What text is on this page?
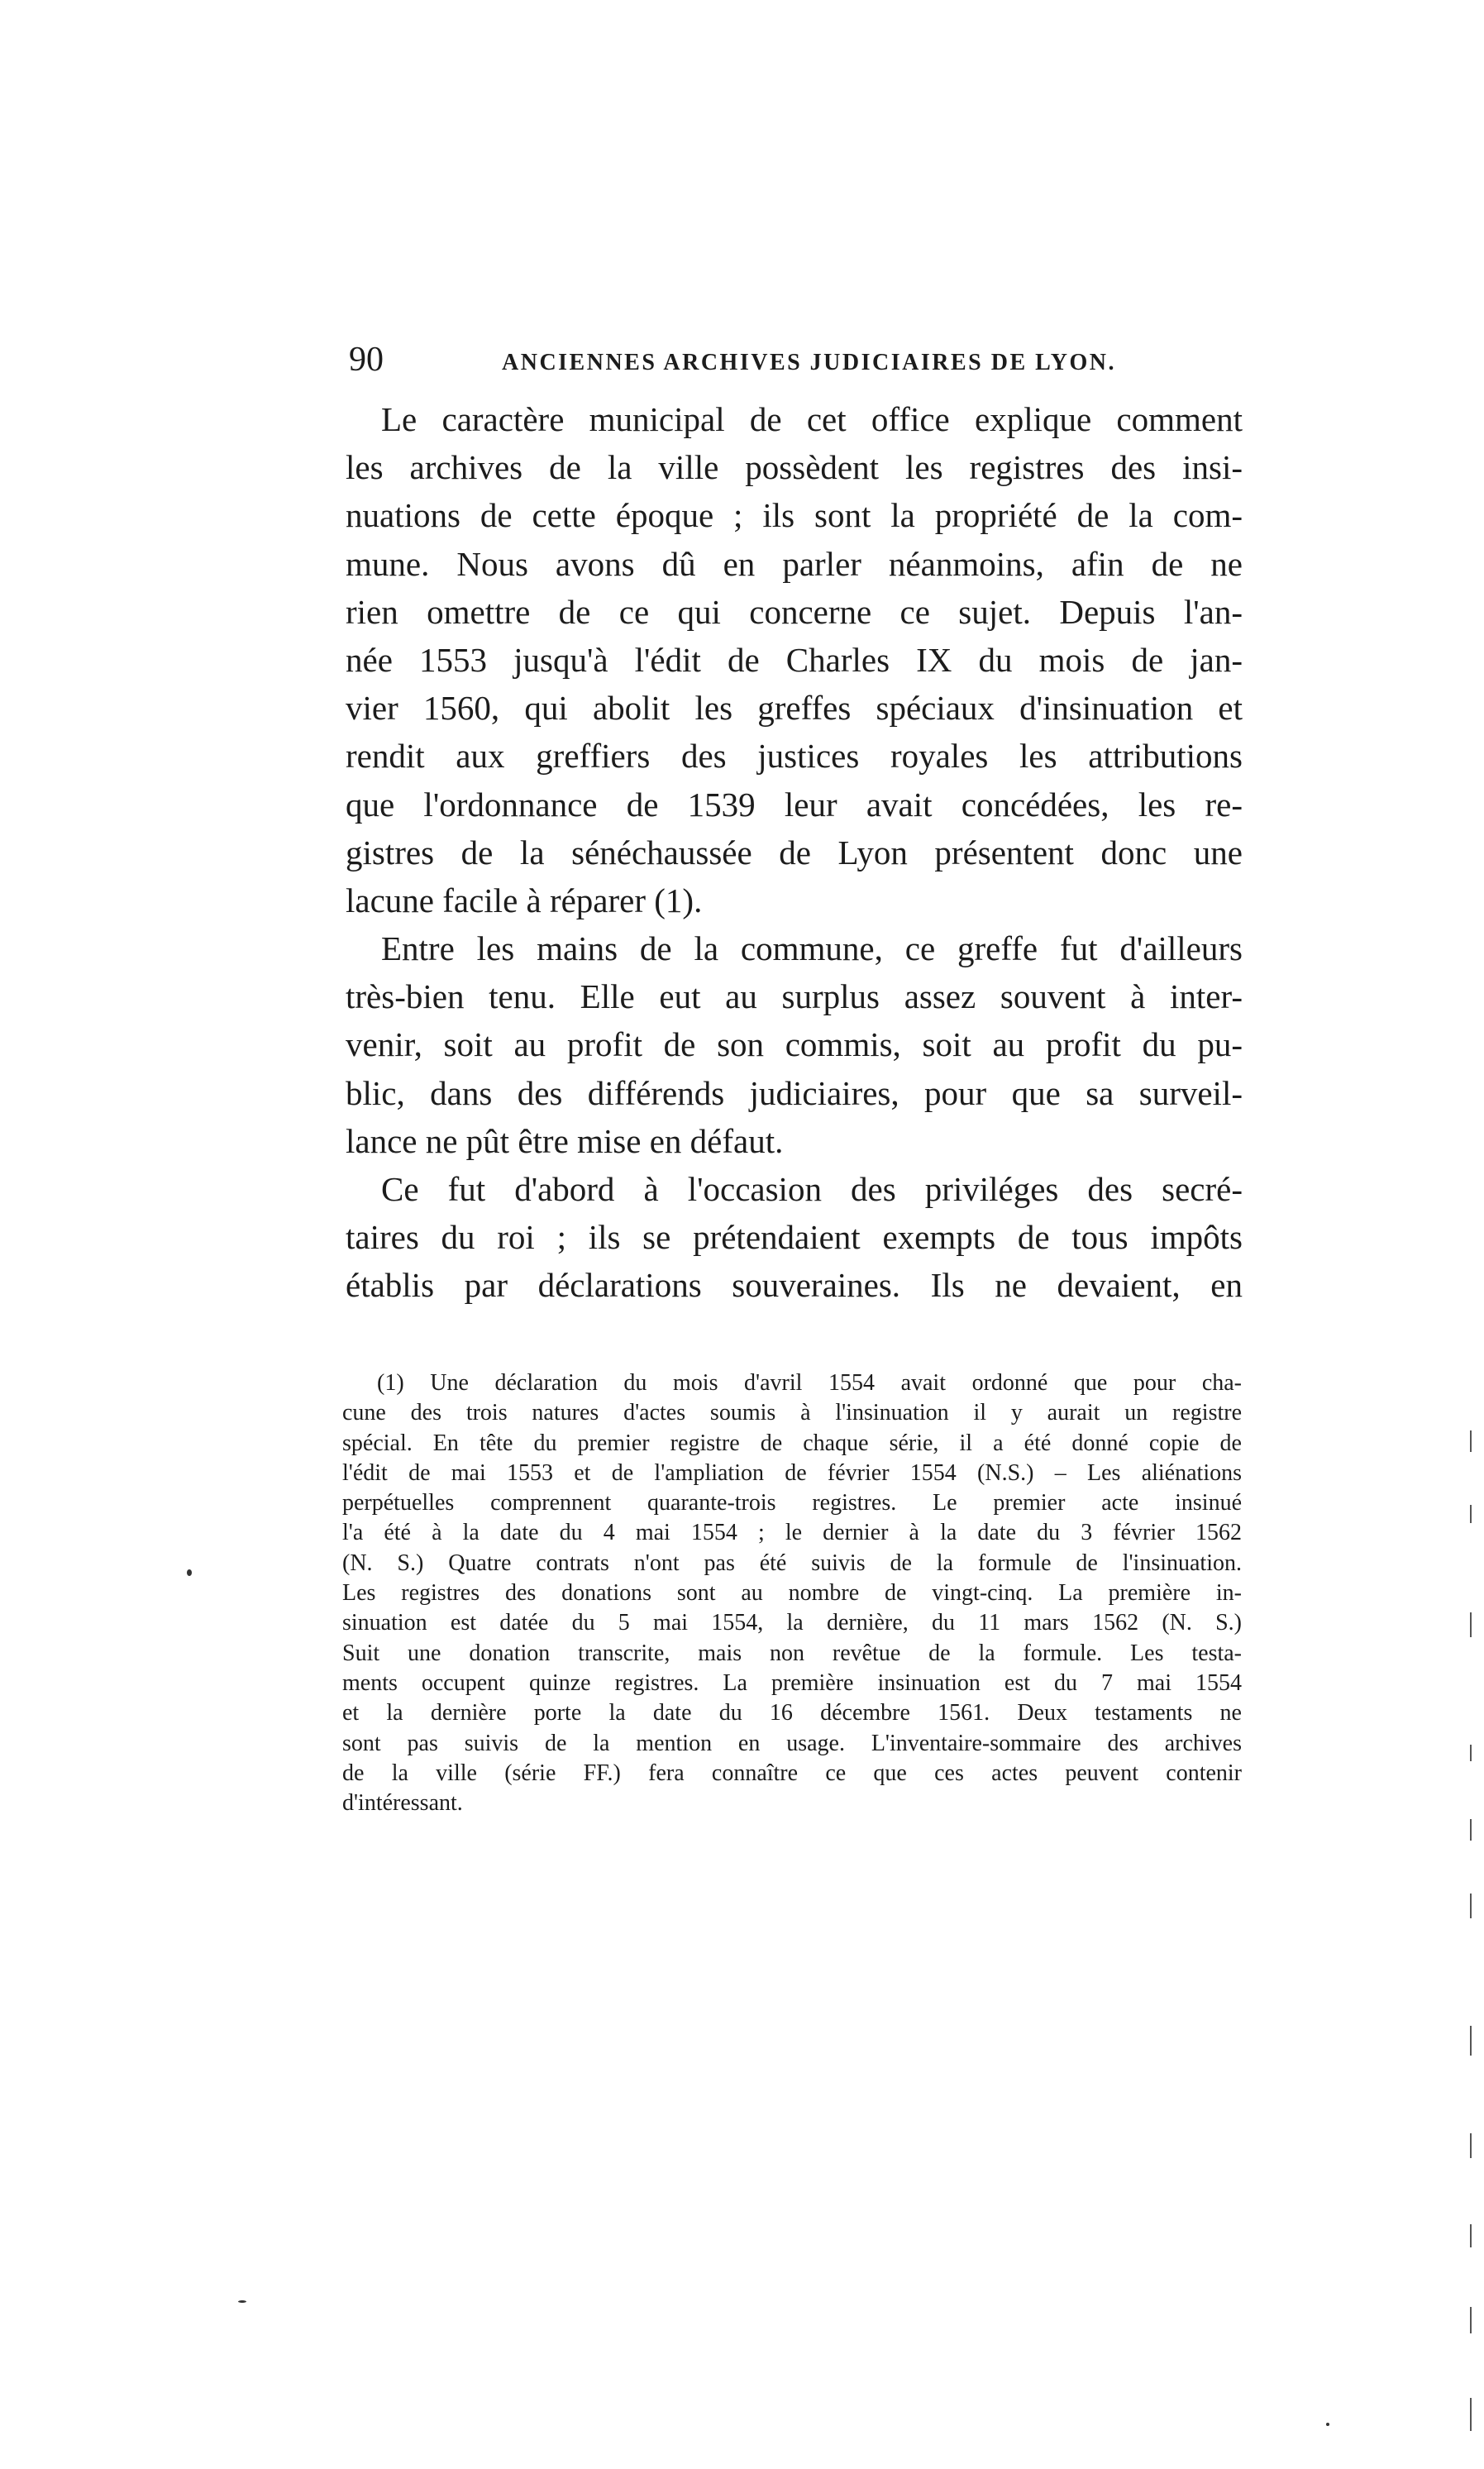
90	ANCIENNES ARCHIVES JUDICIAIRES DE LYON.
Le caractère municipal de cet office explique comment
les archives de la ville possèdent les registres des insi-
nuations de cette époque ; ils sont la propriété de la com-
mune. Nous avons dû en parler néanmoins, afin de ne
rien omettre de ce qui concerne ce sujet. Depuis l'an-
née 1553 jusqu'à l'édit de Charles IX du mois de jan-
vier 1560, qui abolit les greffes spéciaux d'insinuation et
rendit aux greffiers des justices royales les attributions
que l'ordonnance de 1539 leur avait concédées, les re-
gistres de la sénéchaussée de Lyon présentent donc une
lacune facile à réparer (1).
Entre les mains de la commune, ce greffe fut d'ailleurs
très-bien tenu. Elle eut au surplus assez souvent à inter-
venir, soit au profit de son commis, soit au profit du pu-
blic, dans des différends judiciaires, pour que sa surveil-
lance ne pût être mise en défaut.
Ce fut d'abord à l'occasion des priviléges des secré-
taires du roi ; ils se prétendaient exempts de tous impôts
établis par déclarations souveraines. Ils ne devaient, en
(1) Une déclaration du mois d'avril 1554 avait ordonné que pour cha-
cune des trois natures d'actes soumis à l'insinuation il y aurait un registre
spécial. En tête du premier registre de chaque série, il a été donné copie de
l'édit de mai 1553 et de l'ampliation de février 1554 (N.S.) – Les aliénations
perpétuelles comprennent quarante-trois registres. Le premier acte insinué
l'a été à la date du 4 mai 1554 ; le dernier à la date du 3 février 1562
(N. S.) Quatre contrats n'ont pas été suivis de la formule de l'insinuation.
Les registres des donations sont au nombre de vingt-cinq. La première in-
sinuation est datée du 5 mai 1554, la dernière, du 11 mars 1562 (N. S.)
Suit une donation transcrite, mais non revêtue de la formule. Les testa-
ments occupent quinze registres. La première insinuation est du 7 mai 1554
et la dernière porte la date du 16 décembre 1561. Deux testaments ne
sont pas suivis de la mention en usage. L'inventaire-sommaire des archives
de la ville (série FF.) fera connaître ce que ces actes peuvent contenir
d'intéressant.
